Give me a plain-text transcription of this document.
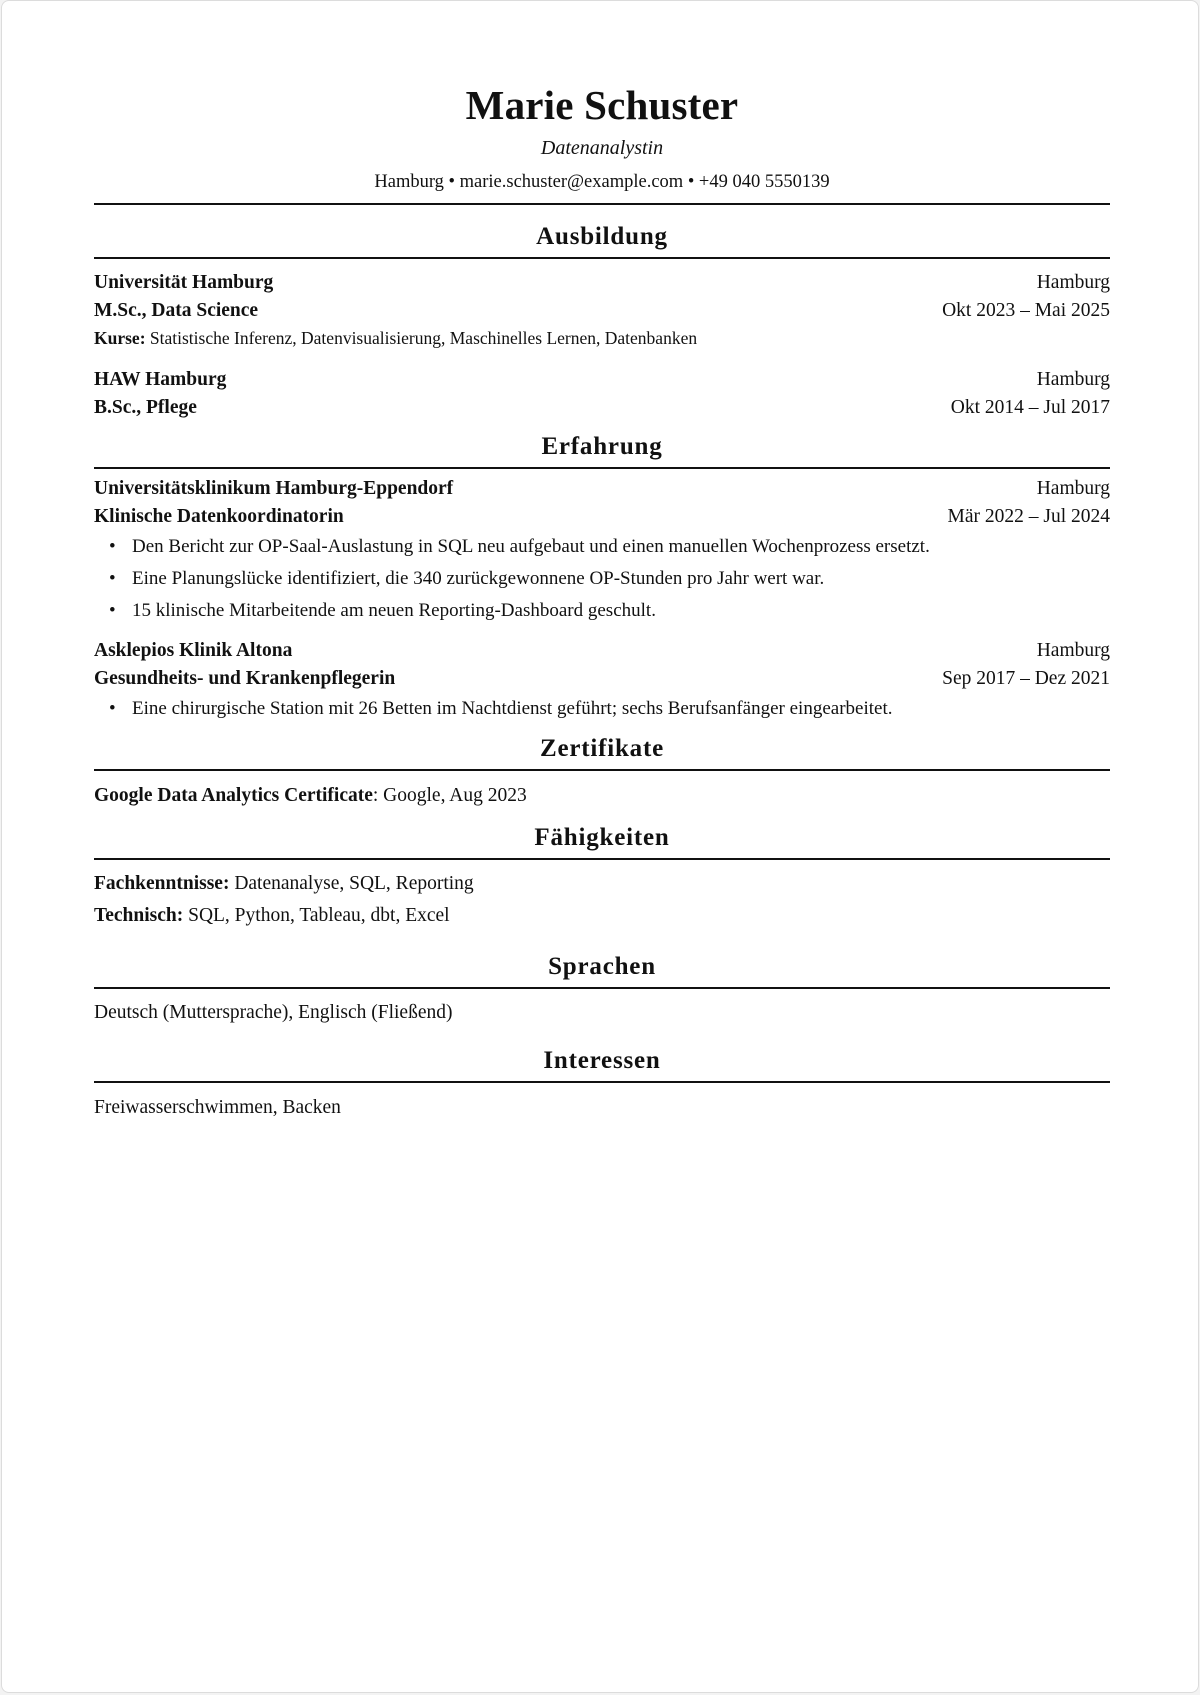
Marie Schuster
Datenanalystin
Hamburg • marie.schuster@example.com • +49 040 5550139
Ausbildung
Universität Hamburg	Hamburg
M.Sc., Data Science	Okt 2023 – Mai 2025
Kurse: Statistische Inferenz, Datenvisualisierung, Maschinelles Lernen, Datenbanken
HAW Hamburg	Hamburg
B.Sc., Pflege	Okt 2014 – Jul 2017
Erfahrung
Universitätsklinikum Hamburg-Eppendorf	Hamburg
Klinische Datenkoordinatorin	Mär 2022 – Jul 2024
• Den Bericht zur OP-Saal-Auslastung in SQL neu aufgebaut und einen manuellen Wochenprozess ersetzt.
• Eine Planungslücke identifiziert, die 340 zurückgewonnene OP-Stunden pro Jahr wert war.
• 15 klinische Mitarbeitende am neuen Reporting-Dashboard geschult.
Asklepios Klinik Altona	Hamburg
Gesundheits- und Krankenpflegerin	Sep 2017 – Dez 2021
• Eine chirurgische Station mit 26 Betten im Nachtdienst geführt; sechs Berufsanfänger eingearbeitet.
Zertifikate
Google Data Analytics Certificate: Google, Aug 2023
Fähigkeiten
Fachkenntnisse: Datenanalyse, SQL, Reporting
Technisch: SQL, Python, Tableau, dbt, Excel
Sprachen
Deutsch (Muttersprache), Englisch (Fließend)
Interessen
Freiwasserschwimmen, Backen
